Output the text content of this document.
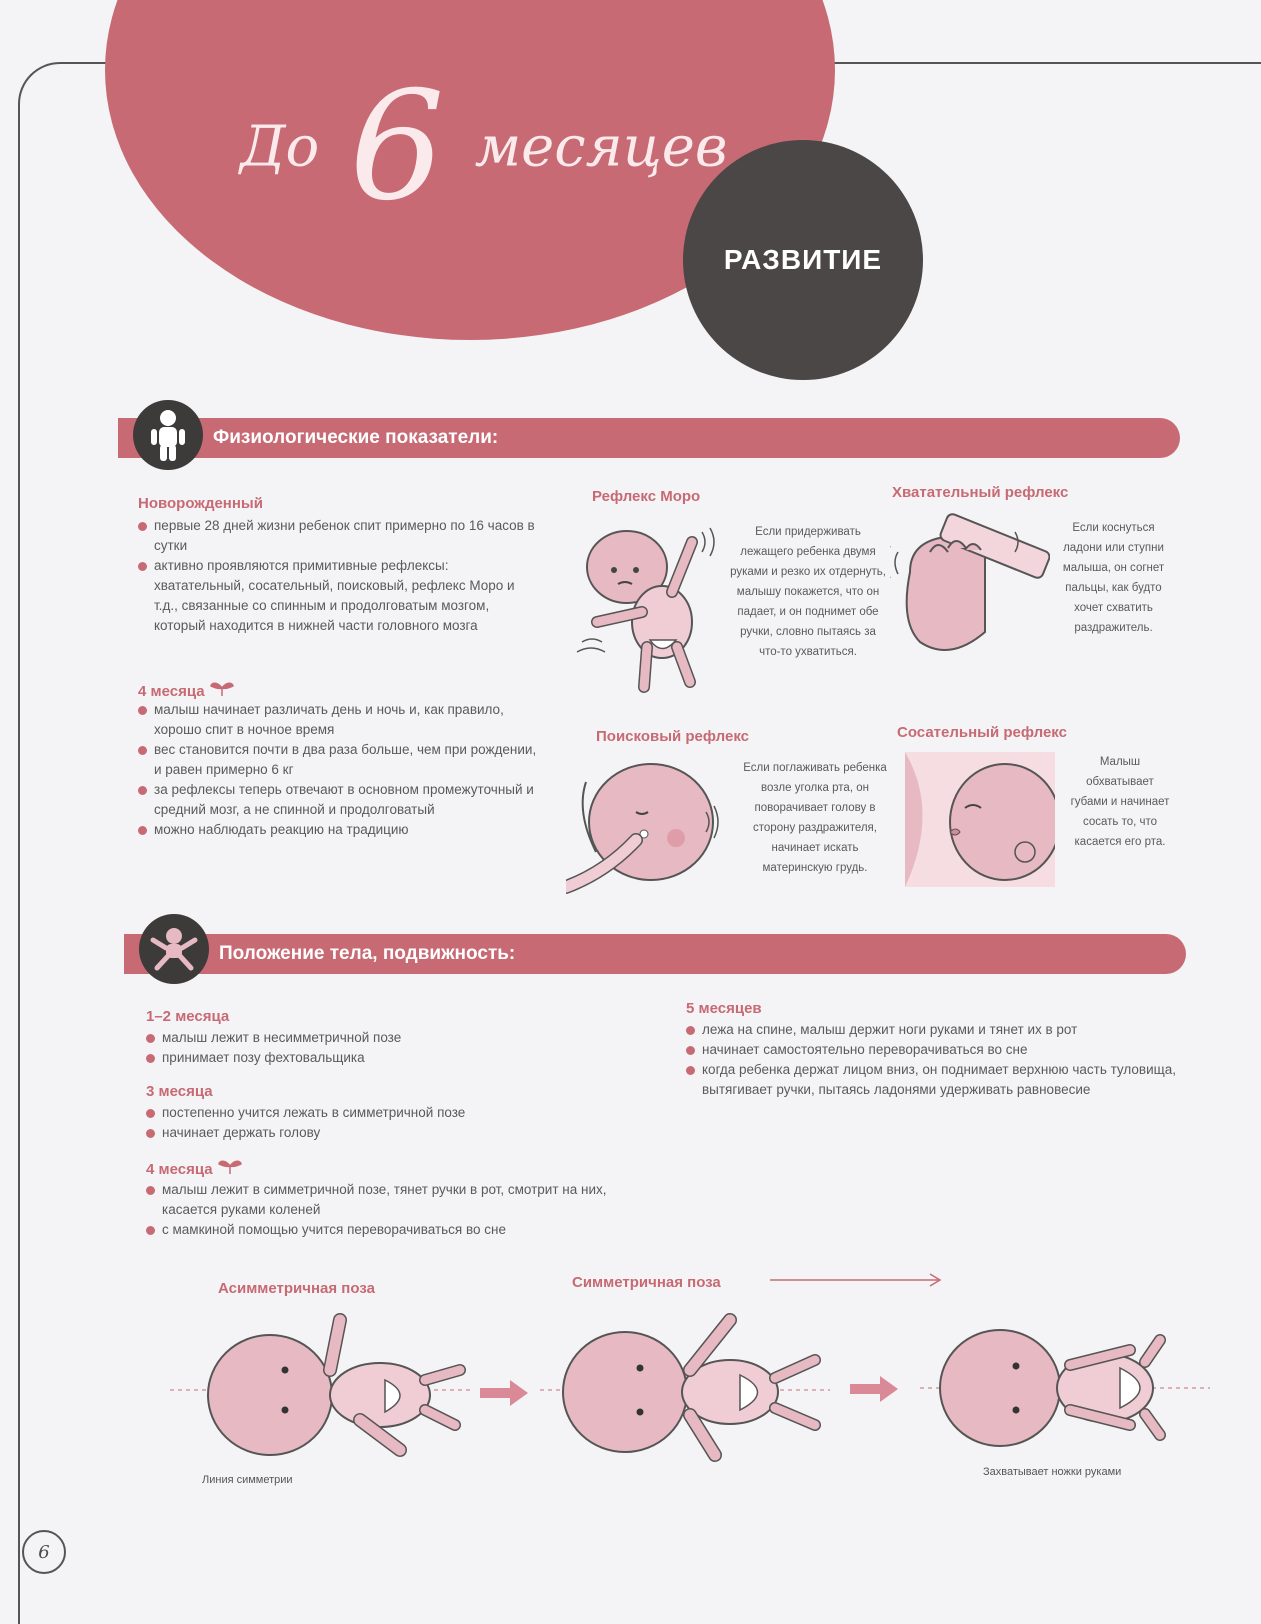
До 6 месяцев
РАЗВИТИЕ
Физиологические показатели:
Новорожденный
первые 28 дней жизни ребенок спит примерно по 16 часов в сутки
активно проявляются примитивные рефлексы: хватательный, сосательный, поисковый, рефлекс Моро и т.д., связанные со спинным и продолговатым мозгом, который находится в нижней части головного мозга
4 месяца
малыш начинает различать день и ночь и, как правило, хорошо спит в ночное время
вес становится почти в два раза больше, чем при рождении, и равен примерно 6 кг
за рефлексы теперь отвечают в основном промежуточный и средний мозг, а не спинной и продолговатый
можно наблюдать реакцию на традицию
Рефлекс Моро
Если придерживать лежащего ребенка двумя руками и резко их отдернуть, малышу покажется, что он падает, и он поднимет обе ручки, словно пытаясь за что-то ухватиться.
Хватательный рефлекс
Если коснуться ладони или ступни малыша, он согнет пальцы, как будто хочет схватить раздражитель.
Поисковый рефлекс
Если поглаживать ребенка возле уголка рта, он поворачивает голову в сторону раздражителя, начинает искать материнскую грудь.
Сосательный рефлекс
Малыш обхватывает губами и начинает сосать то, что касается его рта.
Положение тела, подвижность:
1–2 месяца
малыш лежит в несимметричной позе
принимает позу фехтовальщика
3 месяца
постепенно учится лежать в симметричной позе
начинает держать голову
4 месяца
малыш лежит в симметричной позе, тянет ручки в рот, смотрит на них, касается руками коленей
с мамкиной помощью учится переворачиваться во сне
5 месяцев
лежа на спине, малыш держит ноги руками и тянет их в рот
начинает самостоятельно переворачиваться во сне
когда ребенка держат лицом вниз, он поднимает верхнюю часть туловища, вытягивает ручки, пытаясь ладонями удерживать равновесие
Асимметричная поза	Симметричная поза
Линия симметрии
Захватывает ножки руками
6
